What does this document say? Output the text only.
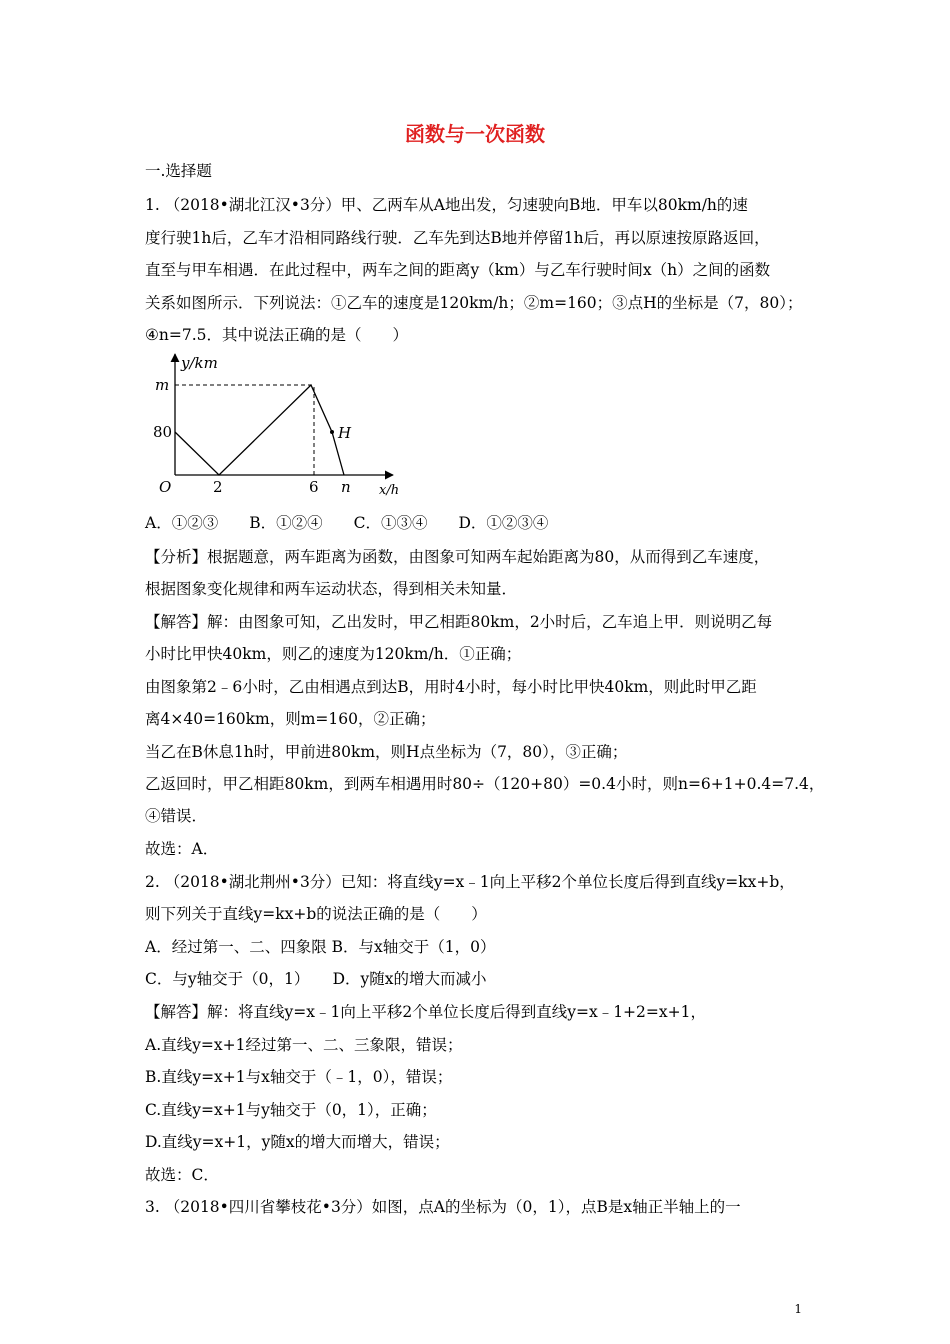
函数与一次函数
一.选择题
1. （2018•湖北江汉•3分）甲、乙两车从A地出发，匀速驶向B地．甲车以80km/h的速
度行驶1h后，乙车才沿相同路线行驶．乙车先到达B地并停留1h后，再以原速按原路返回，
直至与甲车相遇．在此过程中，两车之间的距离y（km）与乙车行驶时间x（h）之间的函数
关系如图所示．下列说法：①乙车的速度是120km/h；②m=160；③点H的坐标是（7，80）；
④n=7.5．其中说法正确的是（　　）
y/km
m
80
O	2	6 n
H
x/h
A．①②③　　B．①②④　　C．①③④　　D．①②③④
【分析】根据题意，两车距离为函数，由图象可知两车起始距离为80，从而得到乙车速度，
根据图象变化规律和两车运动状态，得到相关未知量．
【解答】解：由图象可知，乙出发时，甲乙相距80km，2小时后，乙车追上甲．则说明乙每
小时比甲快40km，则乙的速度为120km/h．①正确；
由图象第2﹣6小时，乙由相遇点到达B，用时4小时，每小时比甲快40km，则此时甲乙距
离4×40=160km，则m=160，②正确；
当乙在B休息1h时，甲前进80km，则H点坐标为（7，80），③正确；
乙返回时，甲乙相距80km，到两车相遇用时80÷（120+80）=0.4小时，则n=6+1+0.4=7.4，
④错误．
故选：A．
2. （2018•湖北荆州•3分）已知：将直线y=x﹣1向上平移2个单位长度后得到直线y=kx+b，
则下列关于直线y=kx+b的说法正确的是（　　）
A．经过第一、二、四象限 B．与x轴交于（1，0）
C．与y轴交于（0，1）　　D．y随x的增大而减小
【解答】解：将直线y=x﹣1向上平移2个单位长度后得到直线y=x﹣1+2=x+1，
A.直线y=x+1经过第一、二、三象限，错误；
B.直线y=x+1与x轴交于（﹣1，0），错误；
C.直线y=x+1与y轴交于（0，1），正确；
D.直线y=x+1，y随x的增大而增大，错误；
故选：C．
3. （2018•四川省攀枝花•3分）如图，点A的坐标为（0，1），点B是x轴正半轴上的一
1
